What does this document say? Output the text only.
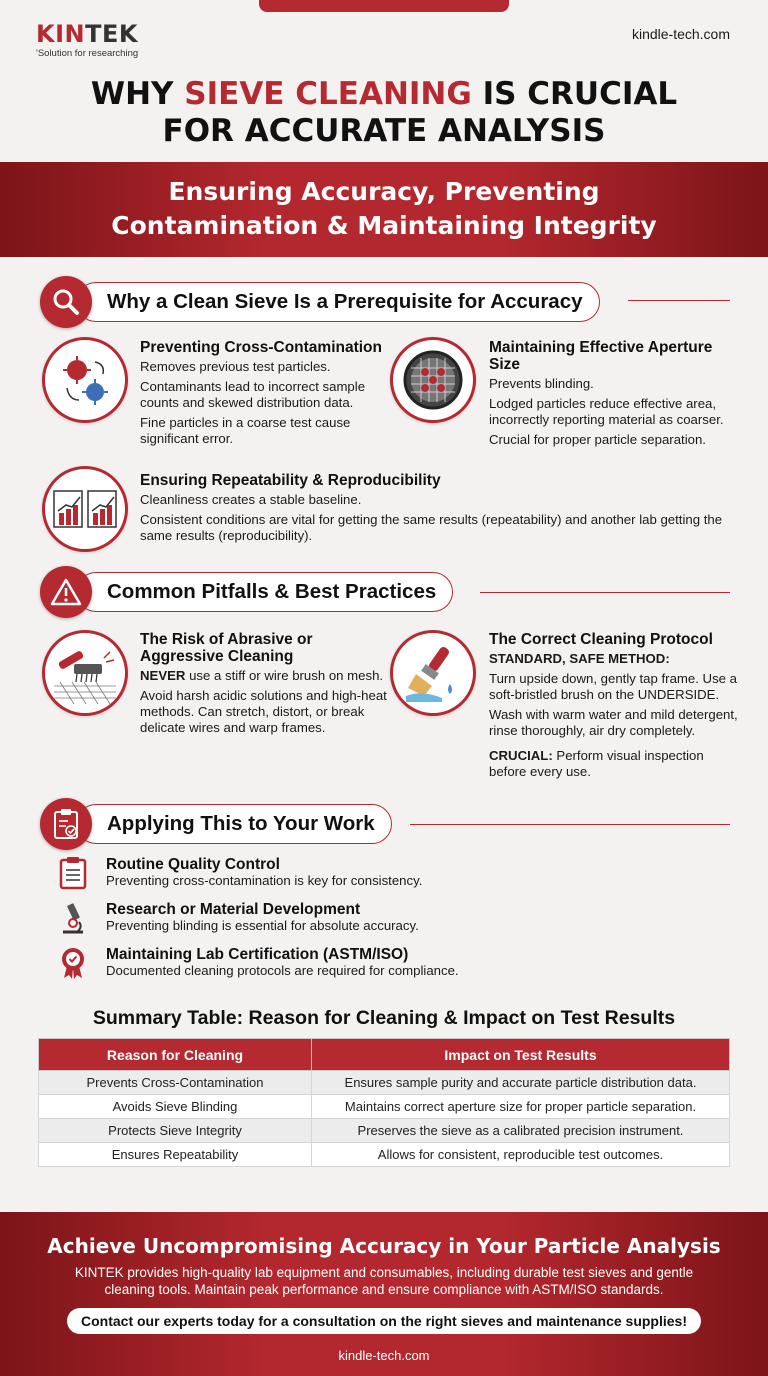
KINTEK
'Solution for researching
kindle-tech.com
WHY SIEVE CLEANING IS CRUCIAL
FOR ACCURATE ANALYSIS
Ensuring Accuracy, Preventing
Contamination & Maintaining Integrity
Why a Clean Sieve Is a Prerequisite for Accuracy
Preventing Cross-Contamination

Removes previous test particles.

Contaminants lead to incorrect sample counts and skewed distribution data.

Fine particles in a coarse test cause significant error.

Maintaining Effective Aperture Size

Prevents blinding.

Lodged particles reduce effective area, incorrectly reporting material as coarser.

Crucial for proper particle separation.

Ensuring Repeatability & Reproducibility

Cleanliness creates a stable baseline.

Consistent conditions are vital for getting the same results (repeatability) and another lab getting the same results (reproducibility).

Common Pitfalls & Best Practices
The Risk of Abrasive or Aggressive Cleaning

NEVER use a stiff or wire brush on mesh.

Avoid harsh acidic solutions and high-heat methods. Can stretch, distort, or break delicate wires and warp frames.

The Correct Cleaning Protocol

STANDARD, SAFE METHOD:

Turn upside down, gently tap frame. Use a soft-bristled brush on the UNDERSIDE.

Wash with warm water and mild detergent, rinse thoroughly, air dry completely.

CRUCIAL: Perform visual inspection before every use.

Applying This to Your Work
Routine Quality Control

Preventing cross-contamination is key for consistency.

Research or Material Development

Preventing blinding is essential for absolute accuracy.

Maintaining Lab Certification (ASTM/ISO)

Documented cleaning protocols are required for compliance.

Summary Table: Reason for Cleaning & Impact on Test Results
Reason for Cleaning	Impact on Test Results
Prevents Cross-Contamination	Ensures sample purity and accurate particle distribution data.
Avoids Sieve Blinding	Maintains correct aperture size for proper particle separation.
Protects Sieve Integrity	Preserves the sieve as a calibrated precision instrument.
Ensures Repeatability	Allows for consistent, reproducible test outcomes.
Achieve Uncompromising Accuracy in Your Particle Analysis

KINTEK provides high-quality lab equipment and consumables, including durable test sieves and gentle cleaning tools. Maintain peak performance and ensure compliance with ASTM/ISO standards.

Contact our experts today for a consultation on the right sieves and maintenance supplies!
kindle-tech.com
